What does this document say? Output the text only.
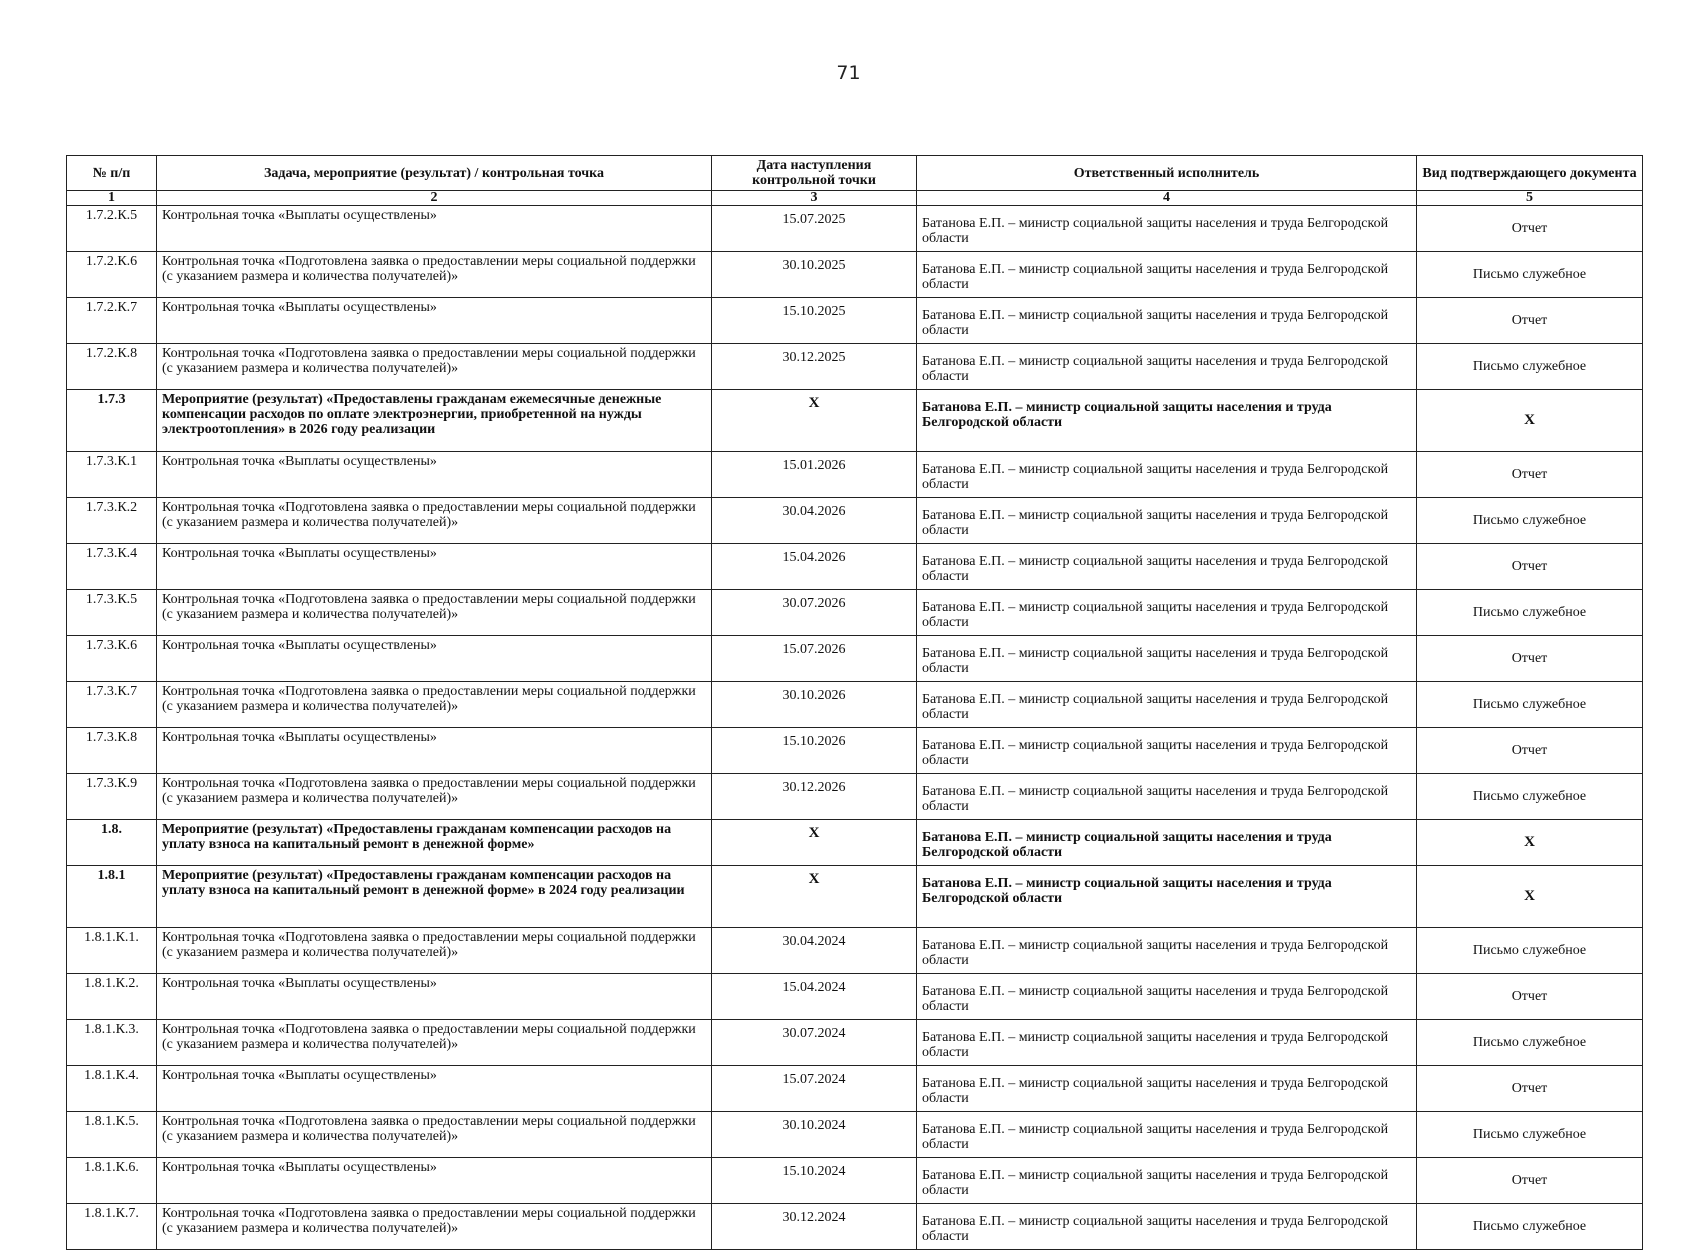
71
№ п/п	Задача, мероприятие (результат) / контрольная точка	Дата наступления контрольной точки	Ответственный исполнитель	Вид подтверждающего документа
1	2	3	4	5
1.7.2.К.5	Контрольная точка «Выплаты осуществлены»	15.07.2025	Батанова Е.П. – министр социальной защиты населения и труда Белгородской области	Отчет
1.7.2.К.6	Контрольная точка «Подготовлена заявка о предоставлении меры социальной поддержки (с указанием размера и количества получателей)»	30.10.2025	Батанова Е.П. – министр социальной защиты населения и труда Белгородской области	Письмо служебное
1.7.2.К.7	Контрольная точка «Выплаты осуществлены»	15.10.2025	Батанова Е.П. – министр социальной защиты населения и труда Белгородской области	Отчет
1.7.2.К.8	Контрольная точка «Подготовлена заявка о предоставлении меры социальной поддержки (с указанием размера и количества получателей)»	30.12.2025	Батанова Е.П. – министр социальной защиты населения и труда Белгородской области	Письмо служебное
1.7.3	Мероприятие (результат) «Предоставлены гражданам ежемесячные денежные компенсации расходов по оплате электроэнергии, приобретенной на нужды электроотопления» в 2026 году реализации	X	Батанова Е.П. – министр социальной защиты населения и труда Белгородской области	X
1.7.3.К.1	Контрольная точка «Выплаты осуществлены»	15.01.2026	Батанова Е.П. – министр социальной защиты населения и труда Белгородской области	Отчет
1.7.3.К.2	Контрольная точка «Подготовлена заявка о предоставлении меры социальной поддержки (с указанием размера и количества получателей)»	30.04.2026	Батанова Е.П. – министр социальной защиты населения и труда Белгородской области	Письмо служебное
1.7.3.К.4	Контрольная точка «Выплаты осуществлены»	15.04.2026	Батанова Е.П. – министр социальной защиты населения и труда Белгородской области	Отчет
1.7.3.К.5	Контрольная точка «Подготовлена заявка о предоставлении меры социальной поддержки (с указанием размера и количества получателей)»	30.07.2026	Батанова Е.П. – министр социальной защиты населения и труда Белгородской области	Письмо служебное
1.7.3.К.6	Контрольная точка «Выплаты осуществлены»	15.07.2026	Батанова Е.П. – министр социальной защиты населения и труда Белгородской области	Отчет
1.7.3.К.7	Контрольная точка «Подготовлена заявка о предоставлении меры социальной поддержки (с указанием размера и количества получателей)»	30.10.2026	Батанова Е.П. – министр социальной защиты населения и труда Белгородской области	Письмо служебное
1.7.3.К.8	Контрольная точка «Выплаты осуществлены»	15.10.2026	Батанова Е.П. – министр социальной защиты населения и труда Белгородской области	Отчет
1.7.3.К.9	Контрольная точка «Подготовлена заявка о предоставлении меры социальной поддержки (с указанием размера и количества получателей)»	30.12.2026	Батанова Е.П. – министр социальной защиты населения и труда Белгородской области	Письмо служебное
1.8.	Мероприятие (результат) «Предоставлены гражданам компенсации расходов на уплату взноса на капитальный ремонт в денежной форме»	X	Батанова Е.П. – министр социальной защиты населения и труда Белгородской области	X
1.8.1	Мероприятие (результат) «Предоставлены гражданам компенсации расходов на уплату взноса на капитальный ремонт в денежной форме» в 2024 году реализации	X	Батанова Е.П. – министр социальной защиты населения и труда Белгородской области	X
1.8.1.К.1.	Контрольная точка «Подготовлена заявка о предоставлении меры социальной поддержки (с указанием размера и количества получателей)»	30.04.2024	Батанова Е.П. – министр социальной защиты населения и труда Белгородской области	Письмо служебное
1.8.1.К.2.	Контрольная точка «Выплаты осуществлены»	15.04.2024	Батанова Е.П. – министр социальной защиты населения и труда Белгородской области	Отчет
1.8.1.К.3.	Контрольная точка «Подготовлена заявка о предоставлении меры социальной поддержки (с указанием размера и количества получателей)»	30.07.2024	Батанова Е.П. – министр социальной защиты населения и труда Белгородской области	Письмо служебное
1.8.1.К.4.	Контрольная точка «Выплаты осуществлены»	15.07.2024	Батанова Е.П. – министр социальной защиты населения и труда Белгородской области	Отчет
1.8.1.К.5.	Контрольная точка «Подготовлена заявка о предоставлении меры социальной поддержки (с указанием размера и количества получателей)»	30.10.2024	Батанова Е.П. – министр социальной защиты населения и труда Белгородской области	Письмо служебное
1.8.1.К.6.	Контрольная точка «Выплаты осуществлены»	15.10.2024	Батанова Е.П. – министр социальной защиты населения и труда Белгородской области	Отчет
1.8.1.К.7.	Контрольная точка «Подготовлена заявка о предоставлении меры социальной поддержки (с указанием размера и количества получателей)»	30.12.2024	Батанова Е.П. – министр социальной защиты населения и труда Белгородской области	Письмо служебное
